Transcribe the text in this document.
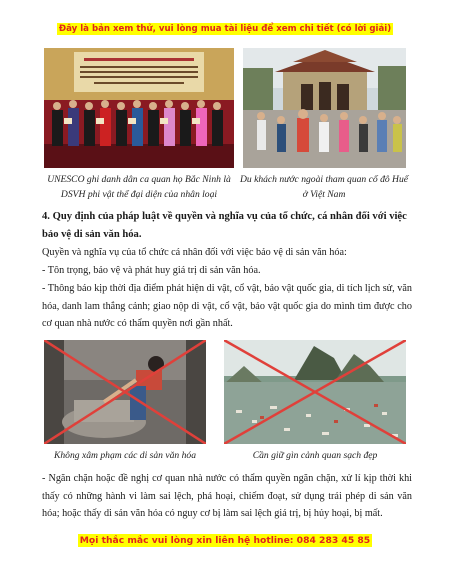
Đây là bản xem thử, vui lòng mua tài liệu để xem chi tiết (có lời giải)
UNESCO ghi danh dân ca quan họ Bắc Ninh là DSVH phi vật thể đại diện của nhân loại
Du khách nước ngoài tham quan cố đô Huế ở Việt Nam
4. Quy định của pháp luật về quyền và nghĩa vụ của tổ chức, cá nhân đối với việc bảo vệ di sản văn hóa.
Quyền và nghĩa vụ của tổ chức cá nhân đối với việc bảo vệ di sản văn hóa:
- Tôn trọng, bảo vệ và phát huy giá trị di sản văn hóa.
- Thông báo kịp thời địa điểm phát hiện di vật, cổ vật, bảo vật quốc gia, di tích lịch sử, văn hóa, danh lam thắng cảnh; giao nộp di vật, cổ vật, bảo vật quốc gia do mình tìm được cho cơ quan nhà nước có thẩm quyền nơi gần nhất.
Không xâm phạm các di sản văn hóa	Cần giữ gìn cảnh quan sạch đẹp
- Ngăn chặn hoặc đề nghị cơ quan nhà nước có thẩm quyền ngăn chặn, xử lí kịp thời khi thấy có những hành vi làm sai lệch, phá hoại, chiếm đoạt, sử dụng trái phép di sản văn hóa; hoặc thấy di sản văn hóa có nguy cơ bị làm sai lệch giá trị, bị hủy hoại, bị mất.
Mọi thắc mắc vui lòng xin liên hệ hotline: 084 283 45 85
